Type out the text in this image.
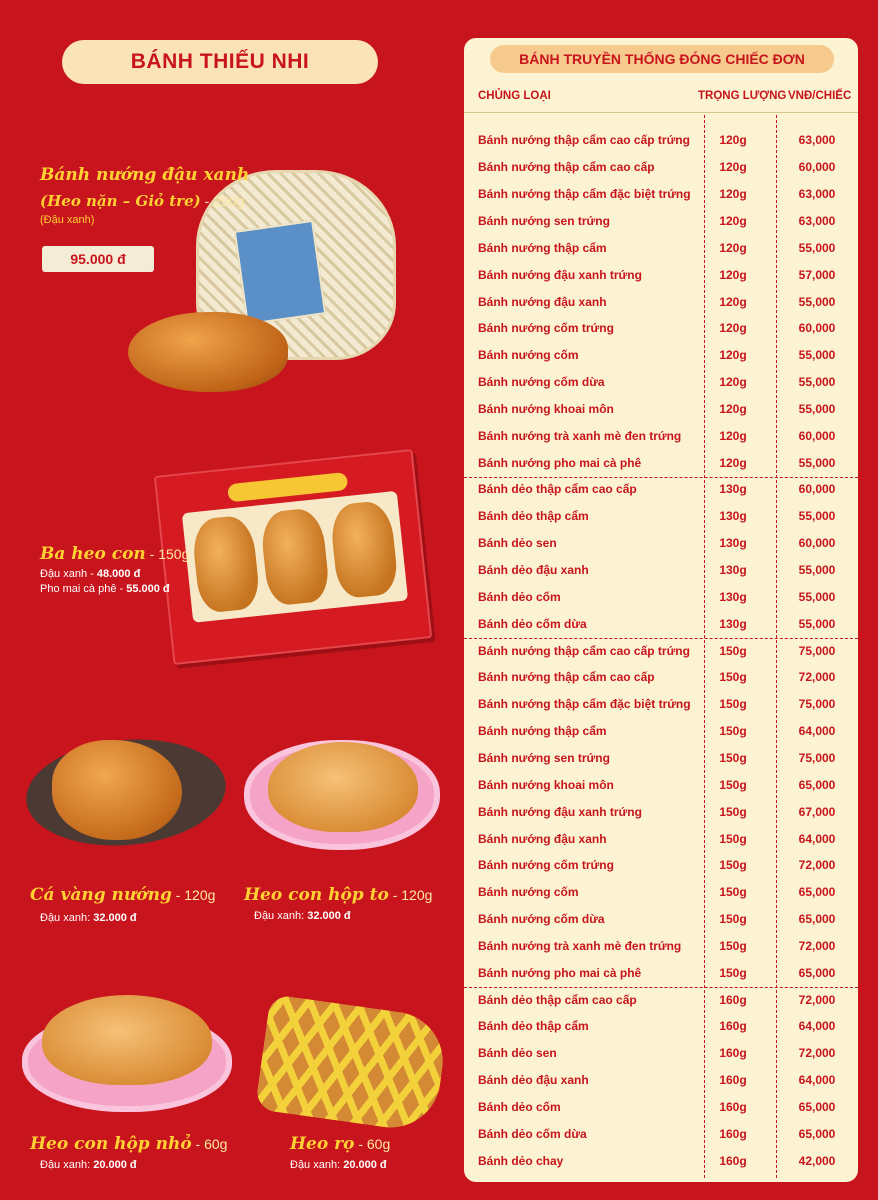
BÁNH THIẾU NHI
Bánh nướng đậu xanh
(Heo nặn – Giỏ tre) - 250g
(Đậu xanh)
95.000 đ
Ba heo con - 150g
Đậu xanh - 48.000 đ
Pho mai cà phê - 55.000 đ
Cá vàng nướng - 120g
Đậu xanh: 32.000 đ
Heo con hộp to - 120g
Đậu xanh: 32.000 đ
Heo con hộp nhỏ - 60g
Đậu xanh: 20.000 đ
Heo rọ - 60g
Đậu xanh: 20.000 đ
BÁNH TRUYỀN THỐNG ĐÓNG CHIẾC ĐƠN
CHỦNG LOẠI	TRỌNG LƯỢNG VNĐ/CHIẾC
Bánh nướng thập cẩm cao cấp trứng	120g	63,000
Bánh nướng thập cẩm cao cấp	120g	60,000
Bánh nướng thập cẩm đặc biệt trứng	120g	63,000
Bánh nướng sen trứng	120g	63,000
Bánh nướng thập cẩm	120g	55,000
Bánh nướng đậu xanh trứng	120g	57,000
Bánh nướng đậu xanh	120g	55,000
Bánh nướng cốm trứng	120g	60,000
Bánh nướng cốm	120g	55,000
Bánh nướng cốm dừa	120g	55,000
Bánh nướng khoai môn	120g	55,000
Bánh nướng trà xanh mè đen trứng	120g	60,000
Bánh nướng pho mai cà phê	120g	55,000
Bánh dẻo thập cẩm cao cấp	130g	60,000
Bánh dẻo thập cẩm	130g	55,000
Bánh dẻo sen	130g	60,000
Bánh dẻo đậu xanh	130g	55,000
Bánh dẻo cốm	130g	55,000
Bánh dẻo cốm dừa	130g	55,000
Bánh nướng thập cẩm cao cấp trứng	150g	75,000
Bánh nướng thập cẩm cao cấp	150g	72,000
Bánh nướng thập cẩm đặc biệt trứng	150g	75,000
Bánh nướng thập cẩm	150g	64,000
Bánh nướng sen trứng	150g	75,000
Bánh nướng khoai môn	150g	65,000
Bánh nướng đậu xanh trứng	150g	67,000
Bánh nướng đậu xanh	150g	64,000
Bánh nướng cốm trứng	150g	72,000
Bánh nướng cốm	150g	65,000
Bánh nướng cốm dừa	150g	65,000
Bánh nướng trà xanh mè đen trứng	150g	72,000
Bánh nướng pho mai cà phê	150g	65,000
Bánh dẻo thập cẩm cao cấp	160g	72,000
Bánh dẻo thập cẩm	160g	64,000
Bánh dẻo sen	160g	72,000
Bánh dẻo đậu xanh	160g	64,000
Bánh dẻo cốm	160g	65,000
Bánh dẻo cốm dừa	160g	65,000
Bánh dẻo chay	160g	42,000
